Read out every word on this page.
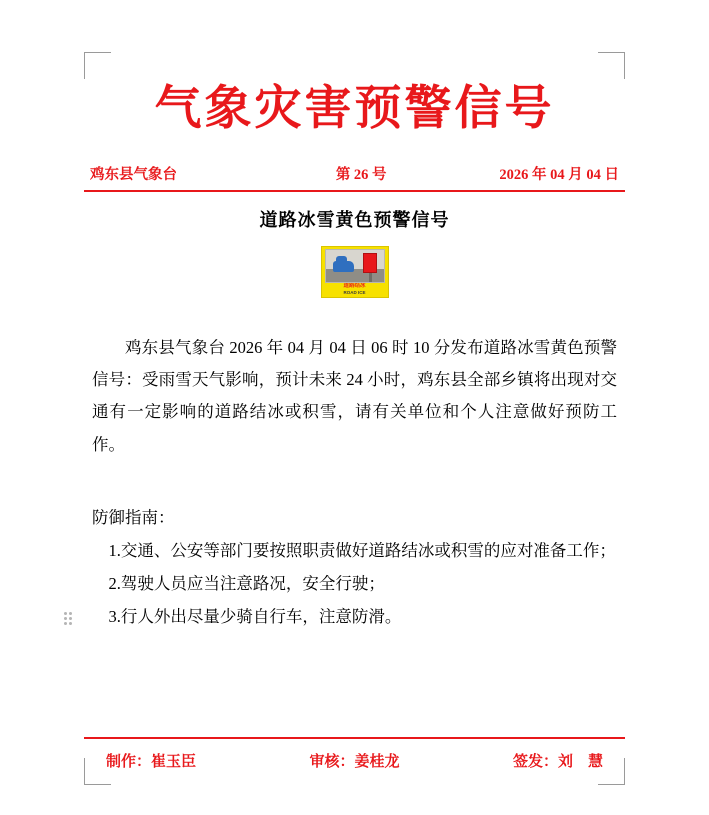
气象灾害预警信号
鸡东县气象台	第 26 号	2026 年 04 月 04 日
道路冰雪黄色预警信号
道路结冰
ROAD ICE

鸡东县气象台 2026 年 04 月 04 日 06 时 10 分发布道路冰雪黄色预警信号：受雨雪天气影响，预计未来 24 小时，鸡东县全部乡镇将出现对交通有一定影响的道路结冰或积雪，请有关单位和个人注意做好预防工作。

防御指南：

1.交通、公安等部门要按照职责做好道路结冰或积雪的应对准备工作；

2.驾驶人员应当注意路况，安全行驶；

3.行人外出尽量少骑自行车，注意防滑。

制作：崔玉臣	审核：姜桂龙	签发：刘　慧
